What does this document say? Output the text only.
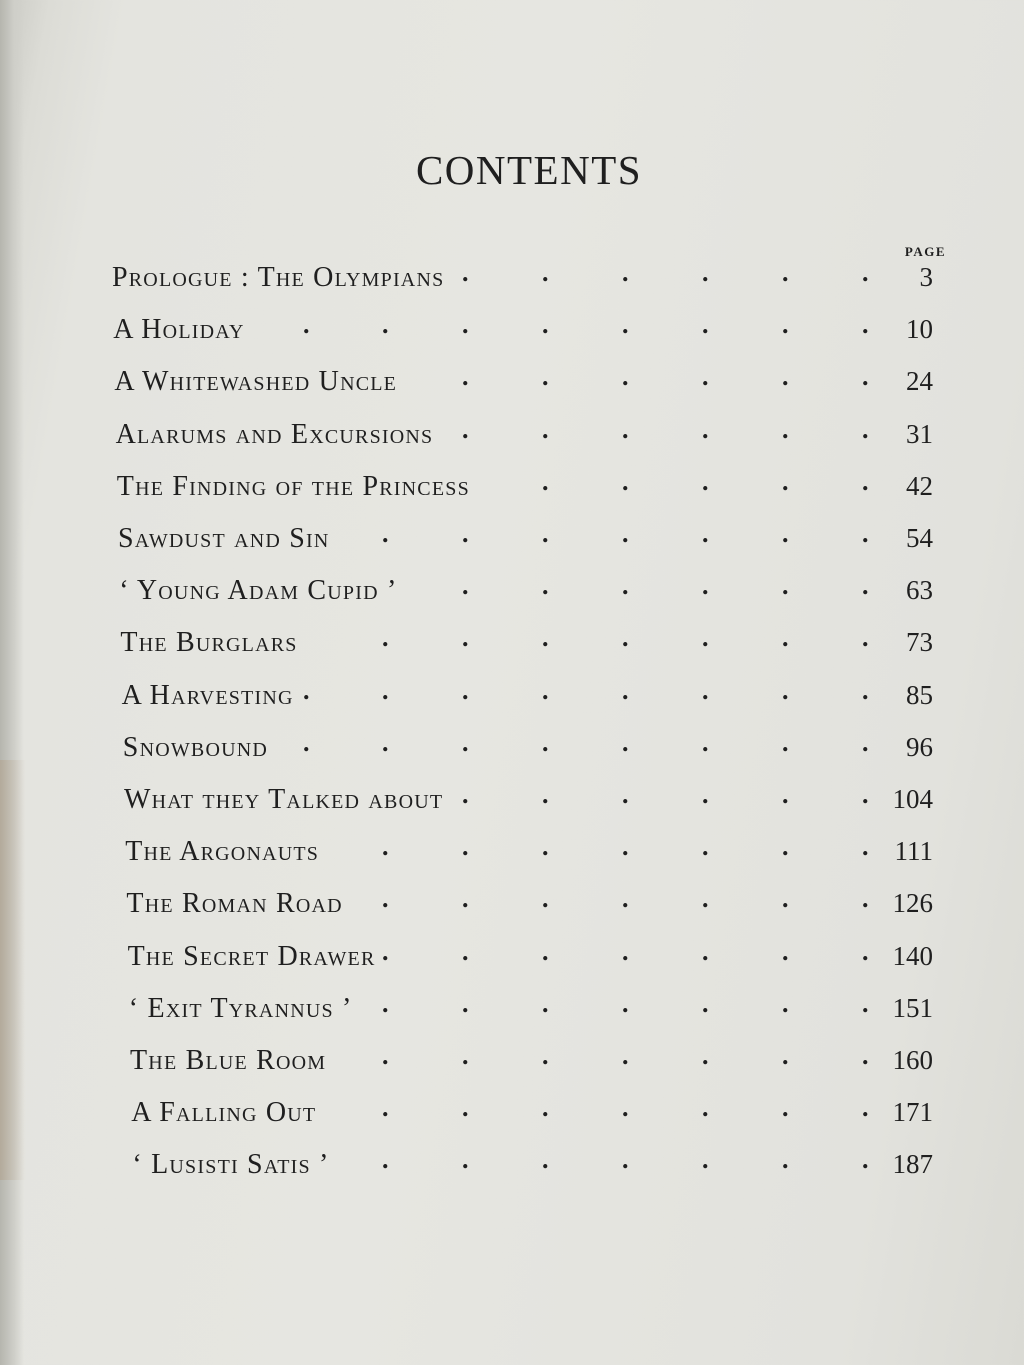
CONTENTS
PAGE
Prologue : The Olympians .	.	.	.	.	.	3
A Holiday .	.	.	.	.	.	.	.	10
A Whitewashed Uncle .	.	.	.	.	.	24
Alarums and Excursions .	.	.	.	.	.	31
The Finding of the Princess	.	.	.	.	.	42
Sawdust and Sin .	.	.	.	.	.	.	54
‘ Young Adam Cupid ’ .	.	.	.	.	.	63
The Burglars	.	.	.	.	.	.	.	73
A Harvesting .	.	.	.	.	.	.	.	85
Snowbound .	.	.	.	.	.	.	.	96
What they Talked about .	.	.	.	.	. 104
The Argonauts .	.	.	.	.	.	. 111
The Roman Road .	.	.	.	.	.	. 126
The Secret Drawer .	.	.	.	.	.	. 140
‘ Exit Tyrannus ’ .	.	.	.	.	.	. 151
The Blue Room .	.	.	.	.	.	. 160
A Falling Out	.	.	.	.	.	.	. 171
‘ Lusisti Satis ’ .	.	.	.	.	.	. 187
